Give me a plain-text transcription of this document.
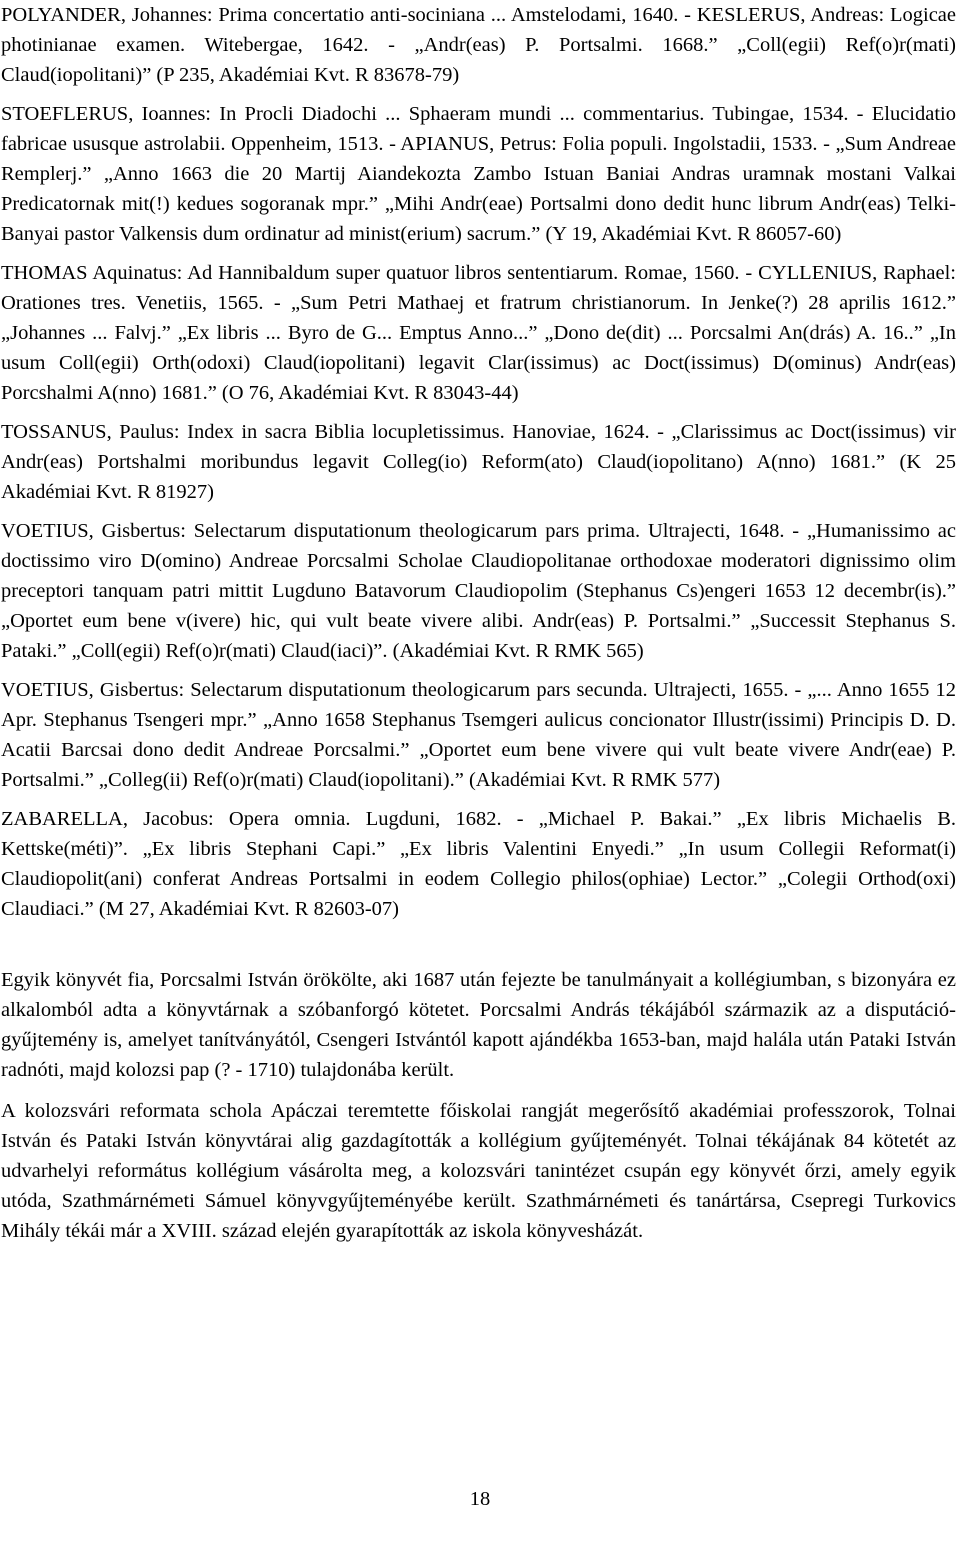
POLYANDER, Johannes: Prima concertatio anti-sociniana ... Amstelodami, 1640. - KESLERUS, Andreas: Logicae photinianae examen. Witebergae, 1642. - „Andr(eas) P. Portsalmi. 1668.” „Coll(egii) Ref(o)r(mati) Claud(iopolitani)” (P 235, Akadémiai Kvt. R 83678-79)

STOEFLERUS, Ioannes: In Procli Diadochi ... Sphaeram mundi ... commentarius. Tubingae, 1534. - Elucidatio fabricae ususque astrolabii. Oppenheim, 1513. - APIANUS, Petrus: Folia populi. Ingolstadii, 1533. - „Sum Andreae Remplerj.” „Anno 1663 die 20 Martij Aiandekozta Zambo Istuan Baniai Andras uramnak mostani Valkai Predicatornak mit(!) kedues sogoranak mpr.” „Mihi Andr(eae) Portsalmi dono dedit hunc librum Andr(eas) Telki-Banyai pastor Valkensis dum ordinatur ad minist(erium) sacrum.” (Y 19, Akadémiai Kvt. R 86057-60)

THOMAS Aquinatus: Ad Hannibaldum super quatuor libros sententiarum. Romae, 1560. - CYLLENIUS, Raphael: Orationes tres. Venetiis, 1565. - „Sum Petri Mathaej et fratrum christianorum. In Jenke(?) 28 aprilis 1612.” „Johannes ... Falvj.” „Ex libris ... Byro de G... Emptus Anno...” „Dono de(dit) ... Porcsalmi An(drás) A. 16..” „In usum Coll(egii) Orth(odoxi) Claud(iopolitani) legavit Clar(issimus) ac Doct(issimus) D(ominus) Andr(eas) Porcshalmi A(nno) 1681.” (O 76, Akadémiai Kvt. R 83043-44)

TOSSANUS, Paulus: Index in sacra Biblia locupletissimus. Hanoviae, 1624. - „Clarissimus ac Doct(issimus) vir Andr(eas) Portshalmi moribundus legavit Colleg(io) Reform(ato) Claud(iopolitano) A(nno) 1681.” (K 25 Akadémiai Kvt. R 81927)

VOETIUS, Gisbertus: Selectarum disputationum theologicarum pars prima. Ultrajecti, 1648. - „Humanissimo ac doctissimo viro D(omino) Andreae Porcsalmi Scholae Claudiopolitanae orthodoxae moderatori dignissimo olim preceptori tanquam patri mittit Lugduno Batavorum Claudiopolim (Stephanus Cs)engeri 1653 12 decembr(is).” „Oportet eum bene v(ivere) hic, qui vult beate vivere alibi. Andr(eas) P. Portsalmi.” „Successit Stephanus S. Pataki.” „Coll(egii) Ref(o)r(mati) Claud(iaci)”. (Akadémiai Kvt. R RMK 565)

VOETIUS, Gisbertus: Selectarum disputationum theologicarum pars secunda. Ultrajecti, 1655. - „... Anno 1655 12 Apr. Stephanus Tsengeri mpr.” „Anno 1658 Stephanus Tsemgeri aulicus concionator Illustr(issimi) Principis D. D. Acatii Barcsai dono dedit Andreae Porcsalmi.” „Oportet eum bene vivere qui vult beate vivere Andr(eae) P. Portsalmi.” „Colleg(ii) Ref(o)r(mati) Claud(iopolitani).” (Akadémiai Kvt. R RMK 577)

ZABARELLA, Jacobus: Opera omnia. Lugduni, 1682. - „Michael P. Bakai.” „Ex libris Michaelis B. Kettske(méti)”. „Ex libris Stephani Capi.” „Ex libris Valentini Enyedi.” „In usum Collegii Reformat(i) Claudiopolit(ani) conferat Andreas Portsalmi in eodem Collegio philos(ophiae) Lector.” „Colegii Orthod(oxi) Claudiaci.” (M 27, Akadémiai Kvt. R 82603-07)

Egyik könyvét fia, Porcsalmi István örökölte, aki 1687 után fejezte be tanulmányait a kollégiumban, s bizonyára ez alkalomból adta a könyvtárnak a szóbanforgó kötetet. Porcsalmi András tékájából származik az a disputáció-gyűjtemény is, amelyet tanítványától, Csengeri Istvántól kapott ajándékba 1653-ban, majd halála után Pataki István radnóti, majd kolozsi pap (? - 1710) tulajdonába került.

A kolozsvári reformata schola Apáczai teremtette főiskolai rangját megerősítő akadémiai professzorok, Tolnai István és Pataki István könyvtárai alig gazdagították a kollégium gyűjteményét. Tolnai tékájának 84 kötetét az udvarhelyi református kollégium vásárolta meg, a kolozsvári tanintézet csupán egy könyvét őrzi, amely egyik utóda, Szathmárnémeti Sámuel könyvgyűjteményébe került. Szathmárnémeti és tanártársa, Csepregi Turkovics Mihály tékái már a XVIII. század elején gyarapították az iskola könyvesházát.

18
